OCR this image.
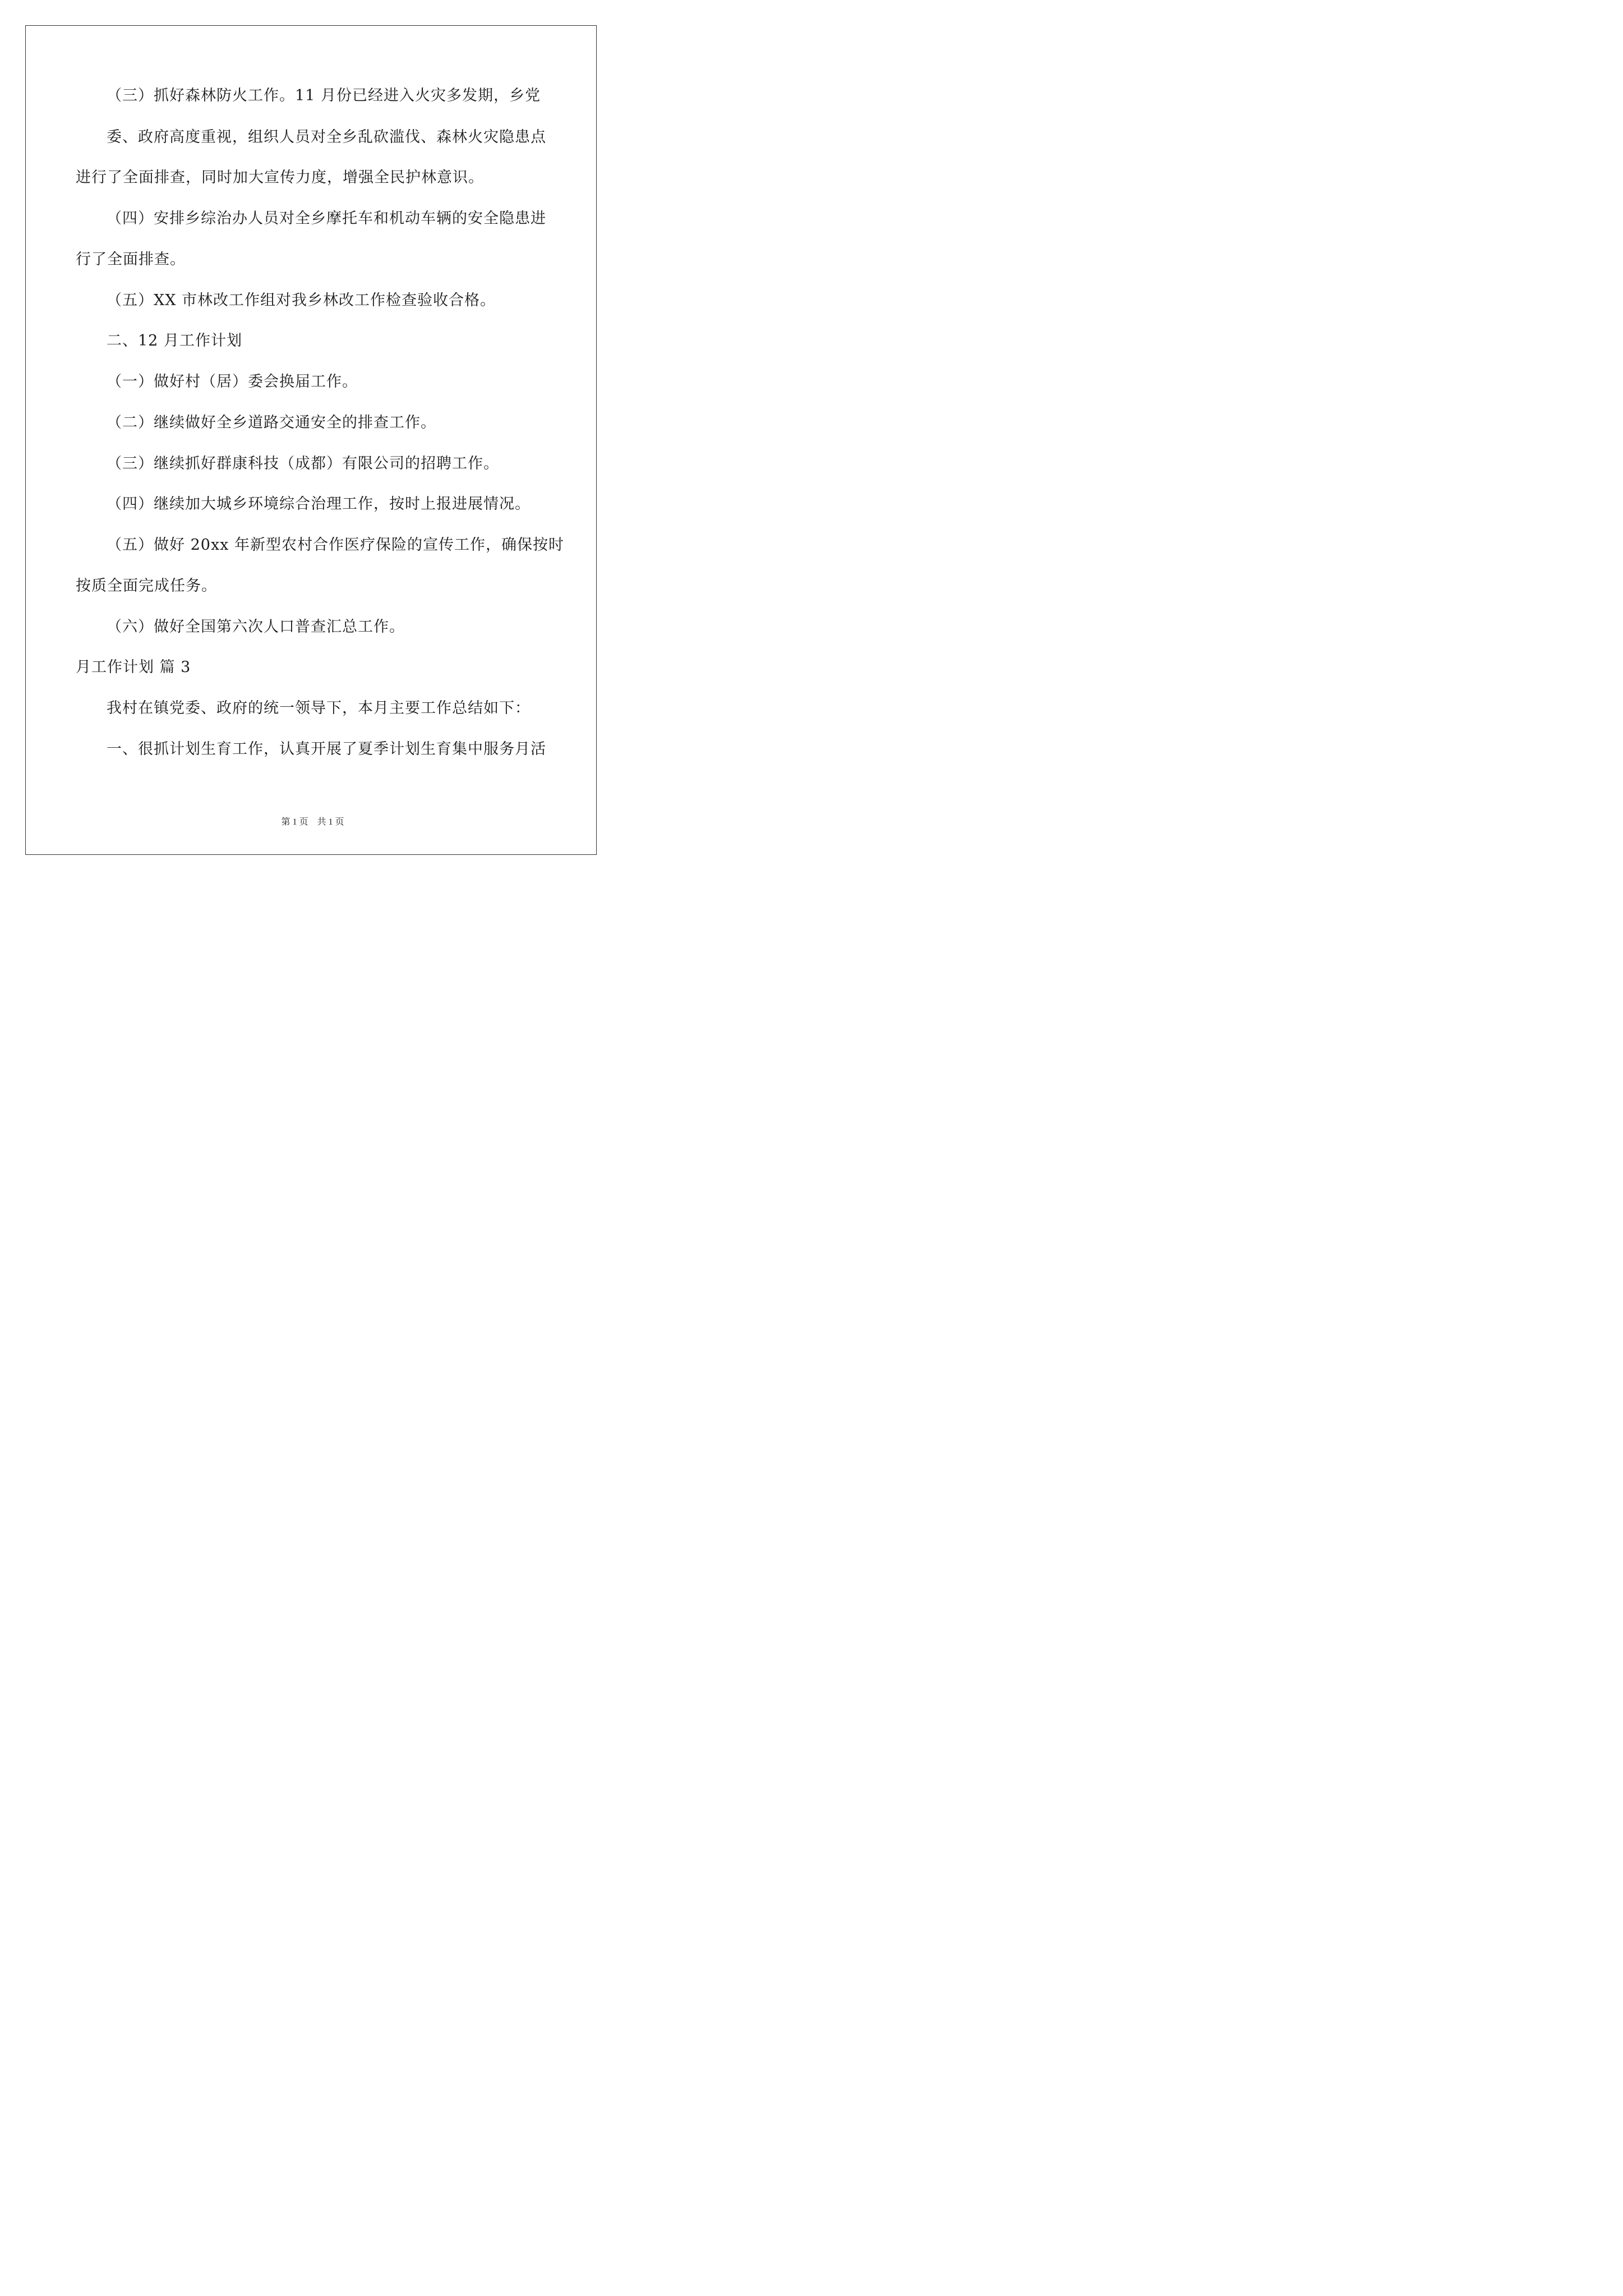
（三）抓好森林防火工作。11 月份已经进入火灾多发期，乡党
委、政府高度重视，组织人员对全乡乱砍滥伐、森林火灾隐患点
进行了全面排查，同时加大宣传力度，增强全民护林意识。
（四）安排乡综治办人员对全乡摩托车和机动车辆的安全隐患进
行了全面排查。
（五）XX 市林改工作组对我乡林改工作检查验收合格。
二、12 月工作计划
（一）做好村（居）委会换届工作。
（二）继续做好全乡道路交通安全的排查工作。
（三）继续抓好群康科技（成都）有限公司的招聘工作。
（四）继续加大城乡环境综合治理工作，按时上报进展情况。
（五）做好 20xx 年新型农村合作医疗保险的宣传工作，确保按时
按质全面完成任务。
（六）做好全国第六次人口普查汇总工作。
月工作计划 篇 3
我村在镇党委、政府的统一领导下，本月主要工作总结如下：
一、很抓计划生育工作，认真开展了夏季计划生育集中服务月活
第 1 页　共 1 页
